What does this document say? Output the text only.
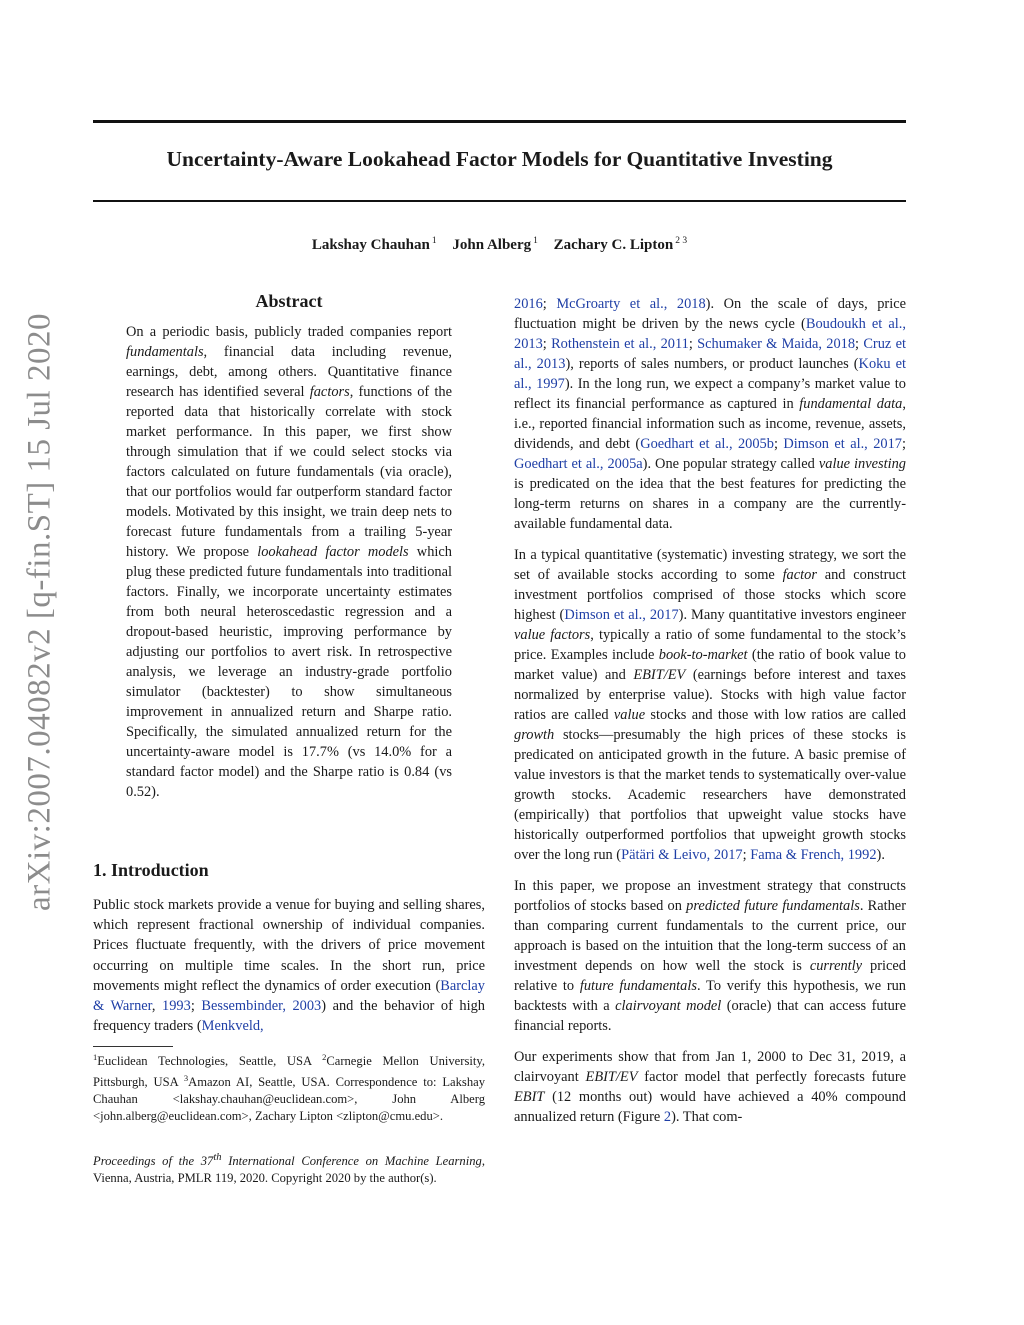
Uncertainty-Aware Lookahead Factor Models for Quantitative Investing
Lakshay Chauhan $^1$ John Alberg $^1$ Zachary C. Lipton $^{2 3}$
arXiv:2007.04082v2 [q-fin.ST] 15 Jul 2020
Abstract

On a periodic basis, publicly traded companies report fundamentals, financial data including revenue, earnings, debt, among others. Quantitative finance research has identified several factors, functions of the reported data that historically correlate with stock market performance. In this paper, we first show through simulation that if we could select stocks via factors calculated on future fundamentals (via oracle), that our portfolios would far outperform standard factor models. Motivated by this insight, we train deep nets to forecast future fundamentals from a trailing 5-year history. We propose lookahead factor models which plug these predicted future fundamentals into traditional factors. Finally, we incorporate uncertainty estimates from both neural heteroscedastic regression and a dropout-based heuristic, improving performance by adjusting our portfolios to avert risk. In retrospective analysis, we leverage an industry-grade portfolio simulator (backtester) to show simultaneous improvement in annualized return and Sharpe ratio. Specifically, the simulated annualized return for the uncertainty-aware model is 17.7% (vs 14.0% for a standard factor model) and the Sharpe ratio is 0.84 (vs 0.52).

1. Introduction

Public stock markets provide a venue for buying and selling shares, which represent fractional ownership of individual companies. Prices fluctuate frequently, with the drivers of price movement occurring on multiple time scales. In the short run, price movements might reflect the dynamics of order execution (Barclay & Warner, 1993; Bessembinder, 2003) and the behavior of high frequency traders (Menkveld,

$^1$Euclidean Technologies, Seattle, USA $^2$Carnegie Mellon University, Pittsburgh, USA $^3$Amazon AI, Seattle, USA. Correspondence to: Lakshay Chauhan <lakshay.chauhan@euclidean.com>, John Alberg <john.alberg@euclidean.com>, Zachary Lipton <zlipton@cmu.edu>.

Proceedings of the 37th International Conference on Machine Learning, Vienna, Austria, PMLR 119, 2020. Copyright 2020 by the author(s).

2016; McGroarty et al., 2018). On the scale of days, price fluctuation might be driven by the news cycle (Boudoukh et al., 2013; Rothenstein et al., 2011; Schumaker & Maida, 2018; Cruz et al., 2013), reports of sales numbers, or product launches (Koku et al., 1997). In the long run, we expect a company’s market value to reflect its financial performance as captured in fundamental data, i.e., reported financial information such as income, revenue, assets, dividends, and debt (Goedhart et al., 2005b; Dimson et al., 2017; Goedhart et al., 2005a). One popular strategy called value investing is predicated on the idea that the best features for predicting the long-term returns on shares in a company are the currently-available fundamental data.

In a typical quantitative (systematic) investing strategy, we sort the set of available stocks according to some factor and construct investment portfolios comprised of those stocks which score highest (Dimson et al., 2017). Many quantitative investors engineer value factors, typically a ratio of some fundamental to the stock’s price. Examples include book-to-market (the ratio of book value to market value) and EBIT/EV (earnings before interest and taxes normalized by enterprise value). Stocks with high value factor ratios are called value stocks and those with low ratios are called growth stocks—presumably the high prices of these stocks is predicated on anticipated growth in the future. A basic premise of value investors is that the market tends to systematically over-value growth stocks. Academic researchers have demonstrated (empirically) that portfolios that upweight value stocks have historically outperformed portfolios that upweight growth stocks over the long run (Pätäri & Leivo, 2017; Fama & French, 1992).

In this paper, we propose an investment strategy that constructs portfolios of stocks based on predicted future fundamentals. Rather than comparing current fundamentals to the current price, our approach is based on the intuition that the long-term success of an investment depends on how well the stock is currently priced relative to future fundamentals. To verify this hypothesis, we run backtests with a clairvoyant model (oracle) that can access future financial reports.

Our experiments show that from Jan 1, 2000 to Dec 31, 2019, a clairvoyant EBIT/EV factor model that perfectly forecasts future EBIT (12 months out) would have achieved a 40% compound annualized return (Figure 2). That com-
